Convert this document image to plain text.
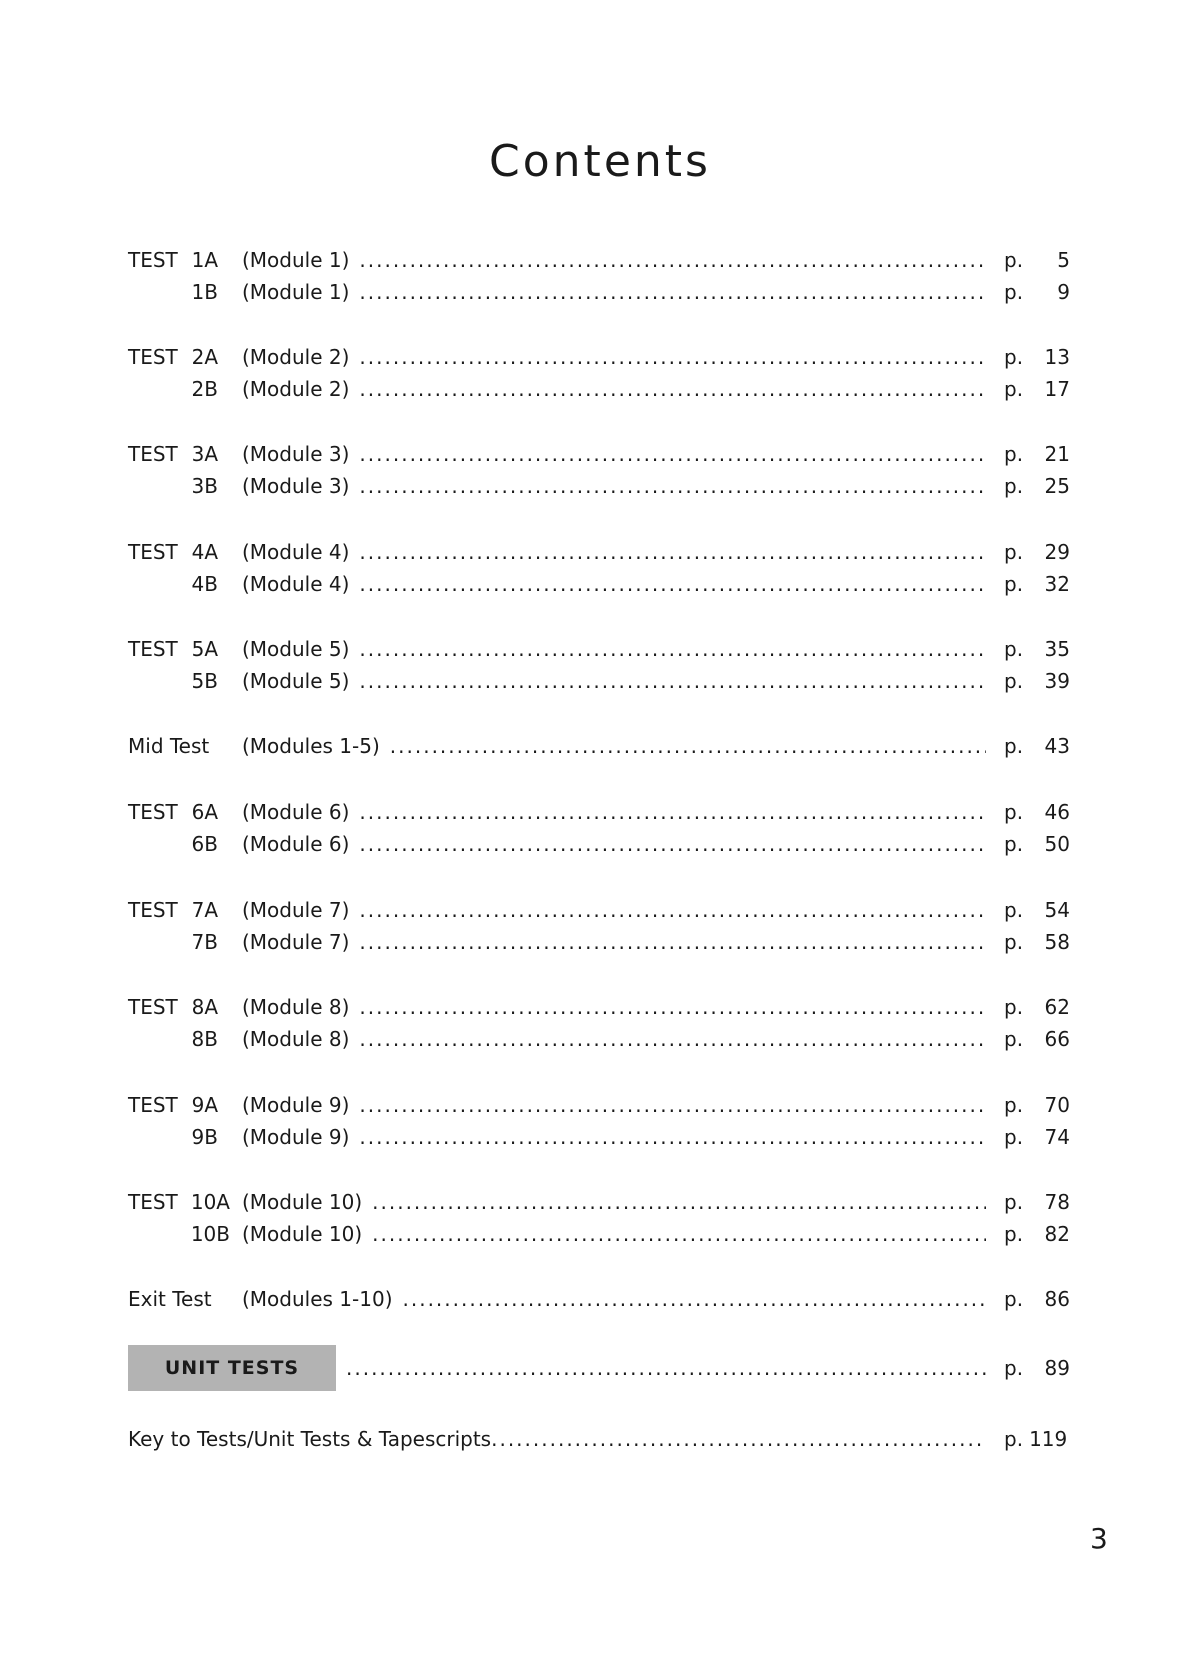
Contents
TEST 1A (Module 1) .....	p. 5
1B (Module 1) .....	p. 9
TEST 2A (Module 2) .....	p. 13
2B (Module 2) .....	p. 17
TEST 3A (Module 3) .....	p. 21
3B (Module 3) .....	p. 25
TEST 4A (Module 4) .....	p. 29
4B (Module 4) .....	p. 32
TEST 5A (Module 5) .....	p. 35
5B (Module 5) .....	p. 39
Mid Test (Modules 1-5) .....	p. 43
TEST 6A (Module 6) .....	p. 46
6B (Module 6) .....	p. 50
TEST 7A (Module 7) .....	p. 54
7B (Module 7) .....	p. 58
TEST 8A (Module 8) .....	p. 62
8B (Module 8) .....	p. 66
TEST 9A (Module 9) .....	p. 70
9B (Module 9) .....	p. 74
TEST 10A (Module 10) .....	p. 78
10B (Module 10) .....	p. 82
Exit Test (Modules 1-10) .....	p. 86
UNIT TESTS .....	p. 89
Key to Tests/Unit Tests & Tapescripts .....	p. 119
3
